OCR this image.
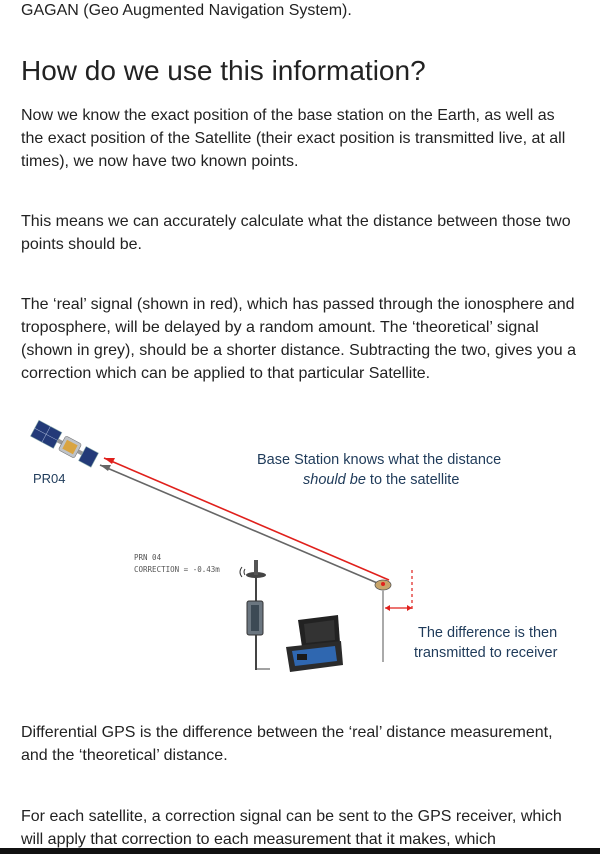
GAGAN (Geo Augmented Navigation System).
How do we use this information?

Now we know the exact position of the base station on the Earth, as well as the exact position of the Satellite (their exact position is transmitted live, at all times), we now have two known points.

This means we can accurately calculate what the distance between those two points should be.

The ‘real’ signal (shown in red), which has passed through the ionosphere and troposphere, will be delayed by a random amount. The ‘theoretical’ signal (shown in grey), should be a shorter distance. Subtracting the two, gives you a correction which can be applied to that particular Satellite.

PR04
Base Station knows what the distance
should be to the satellite
PRN 04
CORRECTION = -0.43m
The difference is then
transmitted to receiver

Differential GPS is the difference between the ‘real’ distance measurement, and the ‘theoretical’ distance.

For each satellite, a correction signal can be sent to the GPS receiver, which will apply that correction to each measurement that it makes, which
